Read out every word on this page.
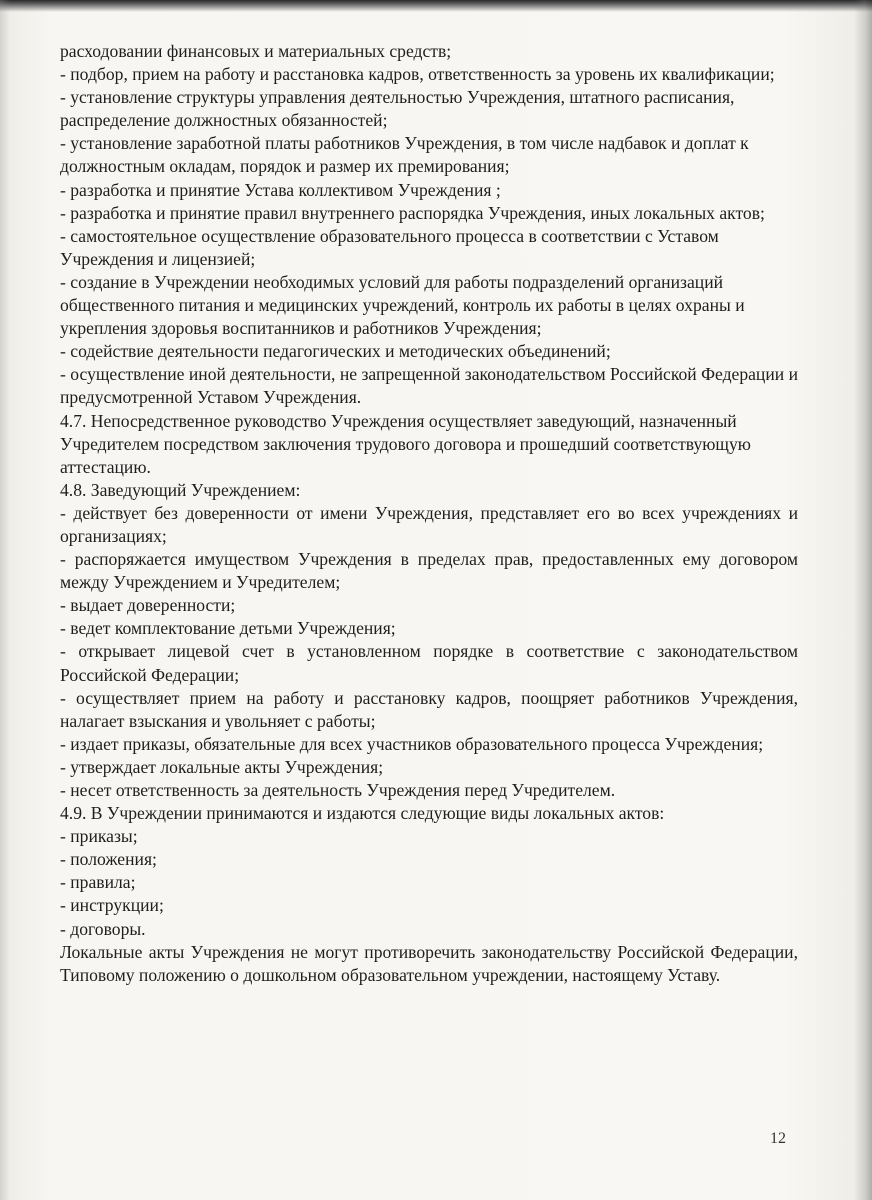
расходовании финансовых и материальных средств;

- подбор, прием на работу и расстановка кадров, ответственность за уровень их квалификации;

- установление структуры управления деятельностью Учреждения, штатного расписания, распределение должностных обязанностей;

- установление заработной платы работников Учреждения, в том числе надбавок и доплат к должностным окладам, порядок и размер их премирования;

- разработка и принятие Устава коллективом Учреждения ;

- разработка и принятие правил внутреннего распорядка Учреждения, иных локальных актов;

- самостоятельное осуществление образовательного процесса в соответствии с Уставом Учреждения и лицензией;

- создание в Учреждении необходимых условий для работы подразделений организаций общественного питания и медицинских учреждений, контроль их работы в целях охраны и укрепления здоровья воспитанников и работников Учреждения;

- содействие деятельности педагогических и методических объединений;

- осуществление иной деятельности, не запрещенной законодательством Российской Федерации и предусмотренной Уставом Учреждения.

4.7. Непосредственное руководство Учреждения осуществляет заведующий, назначенный Учредителем посредством заключения трудового договора и прошедший соответствующую аттестацию.

4.8. Заведующий Учреждением:

- действует без доверенности от имени Учреждения, представляет его во всех учреждениях и организациях;

- распоряжается имуществом Учреждения в пределах прав, предоставленных ему договором между Учреждением и Учредителем;

- выдает доверенности;

- ведет комплектование детьми Учреждения;

- открывает лицевой счет в установленном порядке в соответствие с законодательством Российской Федерации;

- осуществляет прием на работу и расстановку кадров, поощряет работников Учреждения, налагает взыскания и увольняет с работы;

- издает приказы, обязательные для всех участников образовательного процесса Учреждения;

- утверждает локальные акты Учреждения;

- несет ответственность за деятельность Учреждения перед Учредителем.

4.9. В Учреждении принимаются и издаются следующие виды локальных актов:

- приказы;

- положения;

- правила;

- инструкции;

- договоры.

Локальные акты Учреждения не могут противоречить законодательству Российской Федерации, Типовому положению о дошкольном образовательном учреждении, настоящему Уставу.

12
